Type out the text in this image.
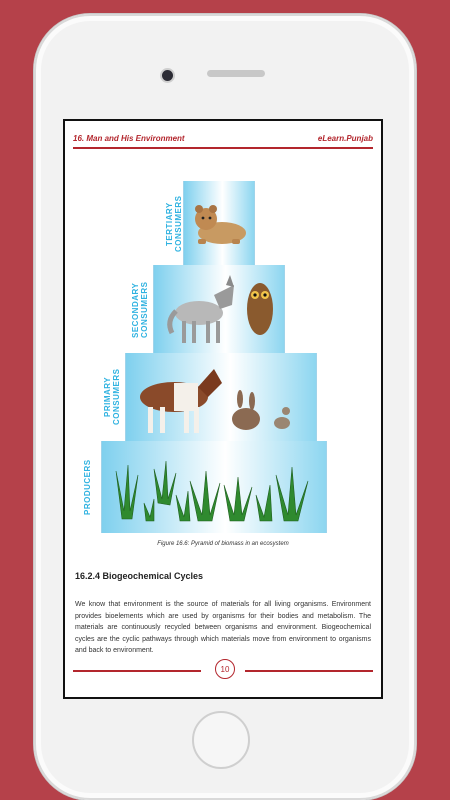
16. Man and His Environment	eLearn.Punjab
TERTIARY
CONSUMERS
SECONDARY
CONSUMERS
PRIMARY
CONSUMERS
PRODUCERS
Figure 16.6: Pyramid of biomass in an ecosystem
16.2.4 Biogeochemical Cycles
We know that environment is the source of materials for all living organisms. Environment provides bioelements which are used by organisms for their bodies and metabolism. The materials are continuously recycled between organisms and environment. Biogeochemical cycles are the cyclic pathways through which materials move from environment to organisms and back to environment.
10
